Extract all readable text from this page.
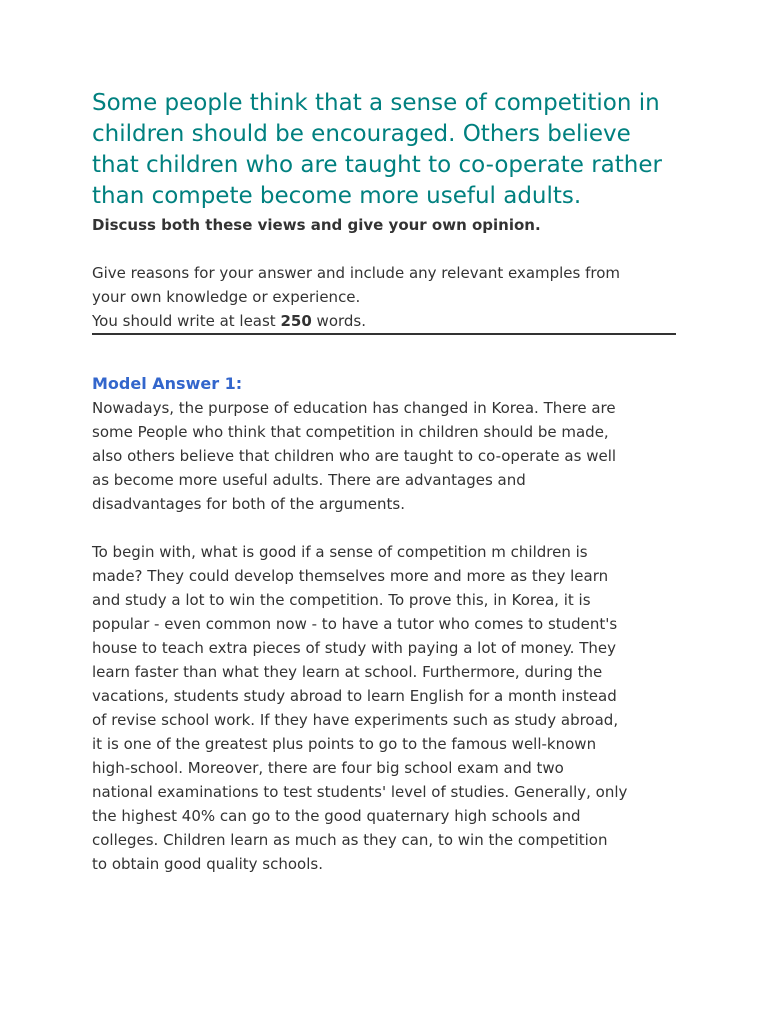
Some people think that a sense of competition in children should be encouraged. Others believe that children who are taught to co-operate rather than compete become more useful adults.

Discuss both these views and give your own opinion.

Give reasons for your answer and include any relevant examples from
your own knowledge or experience.
You should write at least 250 words.
Model Answer 1:

Nowadays, the purpose of education has changed in Korea. There are
some People who think that competition in children should be made,
also others believe that children who are taught to co-operate as well
as become more useful adults. There are advantages and
disadvantages for both of the arguments.

To begin with, what is good if a sense of competition m children is
made? They could develop themselves more and more as they learn
and study a lot to win the competition. To prove this, in Korea, it is
popular - even common now - to have a tutor who comes to student's
house to teach extra pieces of study with paying a lot of money. They
learn faster than what they learn at school. Furthermore, during the
vacations, students study abroad to learn English for a month instead
of revise school work. If they have experiments such as study abroad,
it is one of the greatest plus points to go to the famous well-known
high-school. Moreover, there are four big school exam and two
national examinations to test students' level of studies. Generally, only
the highest 40% can go to the good quaternary high schools and
colleges. Children learn as much as they can, to win the competition
to obtain good quality schools.
